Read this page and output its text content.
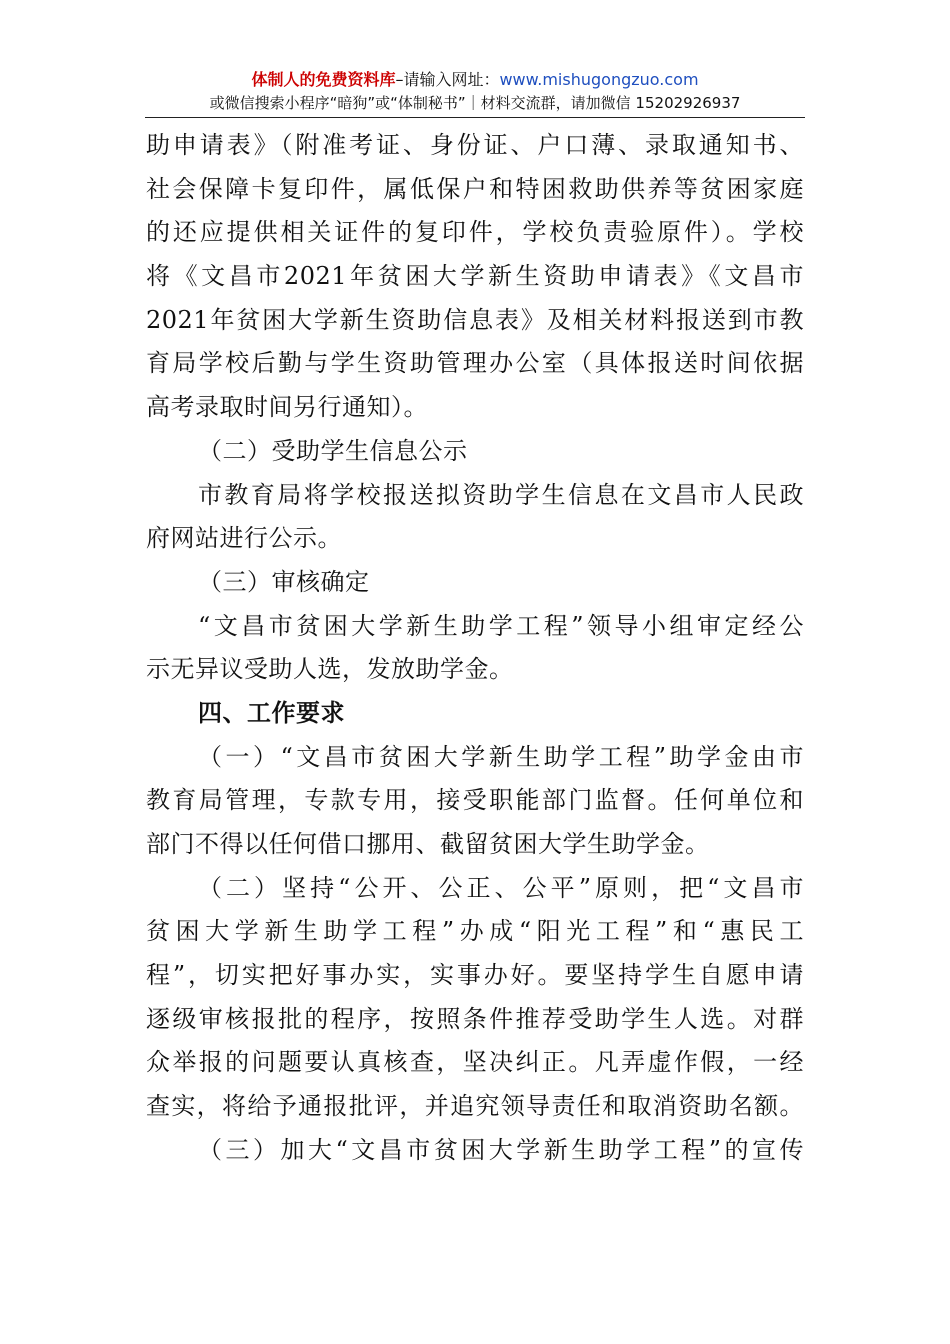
体制人的免费资料库–请输入网址：www.mishugongzuo.com
或微信搜索小程序“暗狗”或“体制秘书”｜材料交流群，请加微信 15202926937
助申请表》（附准考证、身份证、户口薄、录取通知书、
社会保障卡复印件，属低保户和特困救助供养等贫困家庭
的还应提供相关证件的复印件，学校负责验原件）。学校
将《文昌市2021年贫困大学新生资助申请表》《文昌市
2021年贫困大学新生资助信息表》及相关材料报送到市教
育局学校后勤与学生资助管理办公室（具体报送时间依据
高考录取时间另行通知）。
（二）受助学生信息公示
市教育局将学校报送拟资助学生信息在文昌市人民政
府网站进行公示。
（三）审核确定
“文昌市贫困大学新生助学工程”领导小组审定经公
示无异议受助人选，发放助学金。
四、工作要求
（一）“文昌市贫困大学新生助学工程”助学金由市
教育局管理，专款专用，接受职能部门监督。任何单位和
部门不得以任何借口挪用、截留贫困大学生助学金。
（二）坚持“公开、公正、公平”原则，把“文昌市
贫困大学新生助学工程”办成“阳光工程”和“惠民工
程”，切实把好事办实，实事办好。要坚持学生自愿申请
逐级审核报批的程序，按照条件推荐受助学生人选。对群
众举报的问题要认真核查，坚决纠正。凡弄虚作假，一经
查实，将给予通报批评，并追究领导责任和取消资助名额。
（三）加大“文昌市贫困大学新生助学工程”的宣传
